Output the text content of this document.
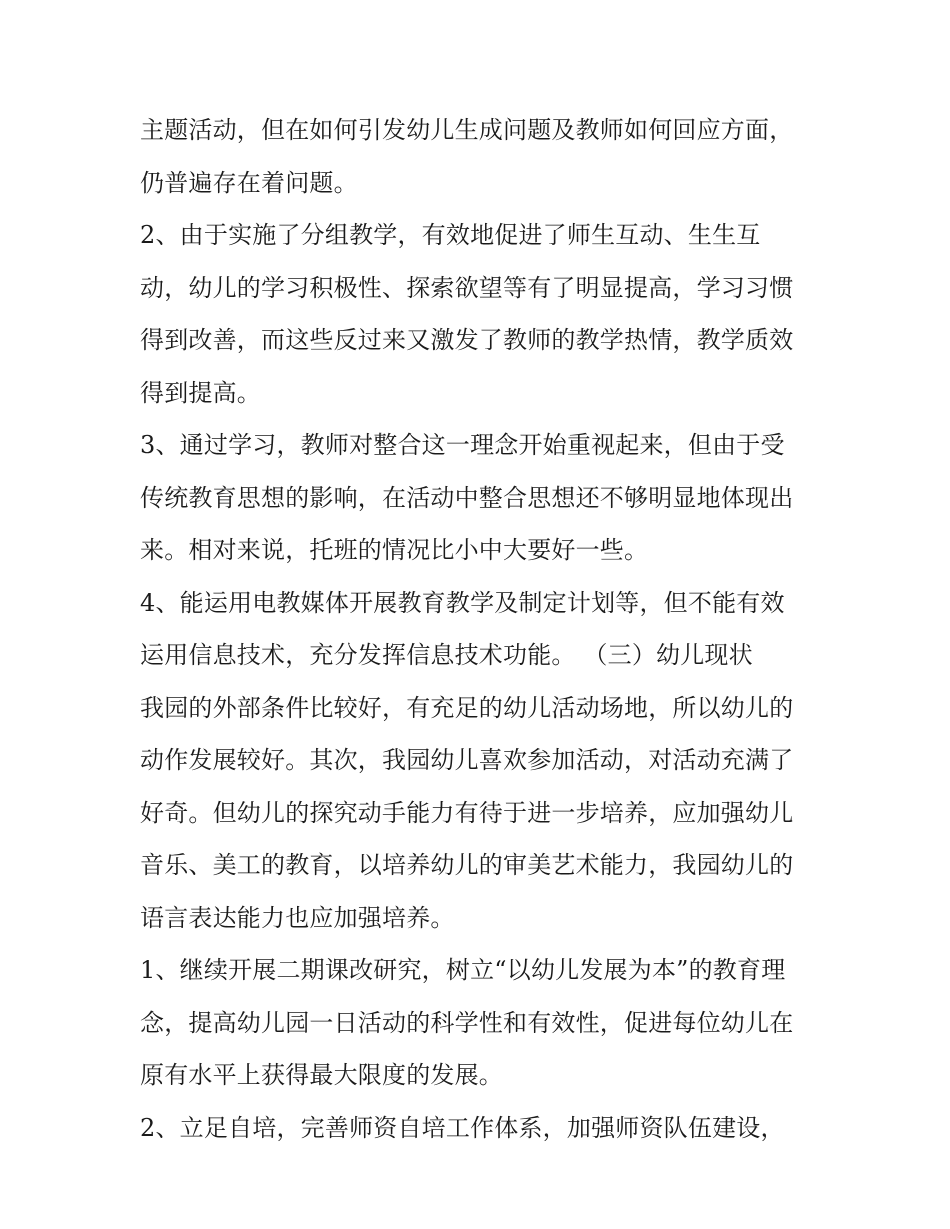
主题活动，但在如何引发幼儿生成问题及教师如何回应方面，
仍普遍存在着问题。
2、由于实施了分组教学，有效地促进了师生互动、生生互
动，幼儿的学习积极性、探索欲望等有了明显提高，学习习惯
得到改善，而这些反过来又激发了教师的教学热情，教学质效
得到提高。
3、通过学习，教师对整合这一理念开始重视起来，但由于受
传统教育思想的影响，在活动中整合思想还不够明显地体现出
来。相对来说，托班的情况比小中大要好一些。
4、能运用电教媒体开展教育教学及制定计划等，但不能有效
运用信息技术，充分发挥信息技术功能。 （三）幼儿现状
我园的外部条件比较好，有充足的幼儿活动场地，所以幼儿的
动作发展较好。其次，我园幼儿喜欢参加活动，对活动充满了
好奇。但幼儿的探究动手能力有待于进一步培养，应加强幼儿
音乐、美工的教育，以培养幼儿的审美艺术能力，我园幼儿的
语言表达能力也应加强培养。
1、继续开展二期课改研究，树立“以幼儿发展为本”的教育理
念，提高幼儿园一日活动的科学性和有效性，促进每位幼儿在
原有水平上获得最大限度的发展。
2、立足自培，完善师资自培工作体系，加强师资队伍建设，
